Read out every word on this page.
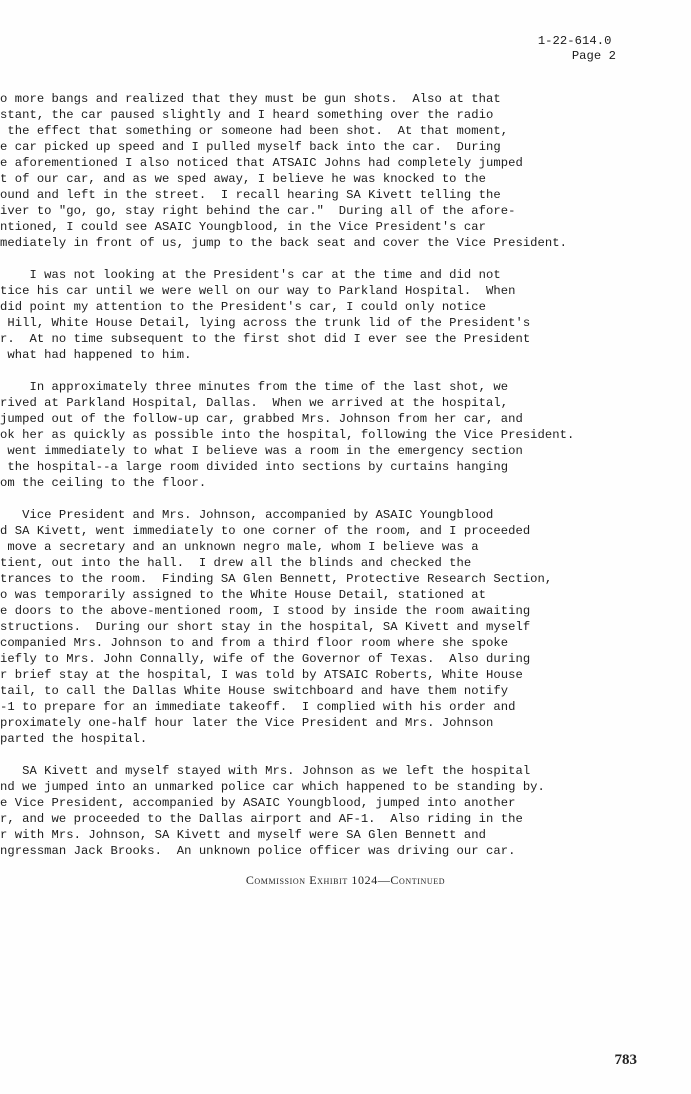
1-22-614.0
Page 2
o more bangs and realized that they must be gun shots.  Also at that
stant, the car paused slightly and I heard something over the radio
the effect that something or someone had been shot.  At that moment,
e car picked up speed and I pulled myself back into the car.  During
e aforementioned I also noticed that ATSAIC Johns had completely jumped
t of our car, and as we sped away, I believe he was knocked to the
ound and left in the street.  I recall hearing SA Kivett telling the
iver to "go, go, stay right behind the car."  During all of the afore-
ntioned, I could see ASAIC Youngblood, in the Vice President's car
mediately in front of us, jump to the back seat and cover the Vice President.
I was not looking at the President's car at the time and did not
tice his car until we were well on our way to Parkland Hospital.  When
did point my attention to the President's car, I could only notice
Hill, White House Detail, lying across the trunk lid of the President's
r.  At no time subsequent to the first shot did I ever see the President
what had happened to him.
In approximately three minutes from the time of the last shot, we
rived at Parkland Hospital, Dallas.  When we arrived at the hospital,
jumped out of the follow-up car, grabbed Mrs. Johnson from her car, and
ok her as quickly as possible into the hospital, following the Vice President.
went immediately to what I believe was a room in the emergency section
the hospital--a large room divided into sections by curtains hanging
om the ceiling to the floor.
Vice President and Mrs. Johnson, accompanied by ASAIC Youngblood
d SA Kivett, went immediately to one corner of the room, and I proceeded
move a secretary and an unknown negro male, whom I believe was a
tient, out into the hall.  I drew all the blinds and checked the
trances to the room.  Finding SA Glen Bennett, Protective Research Section,
o was temporarily assigned to the White House Detail, stationed at
e doors to the above-mentioned room, I stood by inside the room awaiting
structions.  During our short stay in the hospital, SA Kivett and myself
companied Mrs. Johnson to and from a third floor room where she spoke
iefly to Mrs. John Connally, wife of the Governor of Texas.  Also during
r brief stay at the hospital, I was told by ATSAIC Roberts, White House
tail, to call the Dallas White House switchboard and have them notify
-1 to prepare for an immediate takeoff.  I complied with his order and
proximately one-half hour later the Vice President and Mrs. Johnson
parted the hospital.
SA Kivett and myself stayed with Mrs. Johnson as we left the hospital
nd we jumped into an unmarked police car which happened to be standing by.
e Vice President, accompanied by ASAIC Youngblood, jumped into another
r, and we proceeded to the Dallas airport and AF-1.  Also riding in the
r with Mrs. Johnson, SA Kivett and myself were SA Glen Bennett and
ngressman Jack Brooks.  An unknown police officer was driving our car.
Commission Exhibit 1024—Continued
783
